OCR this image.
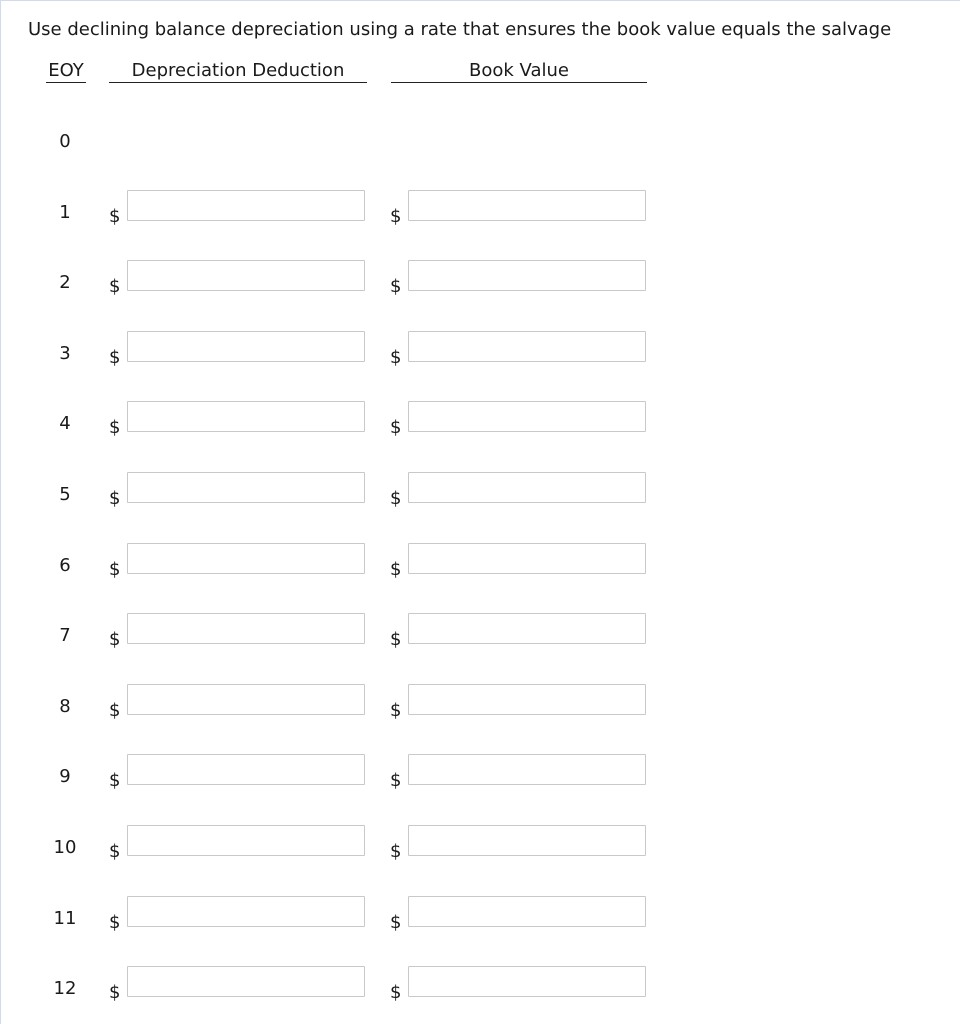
Use declining balance depreciation using a rate that ensures the book value equals the salvage
EOY	Depreciation Deduction	Book Value
0
1	$	$
2	$	$
3	$	$
4	$	$
5	$	$
6	$	$
7	$	$
8	$	$
9	$	$
10	$	$
11	$	$
12	$	$
